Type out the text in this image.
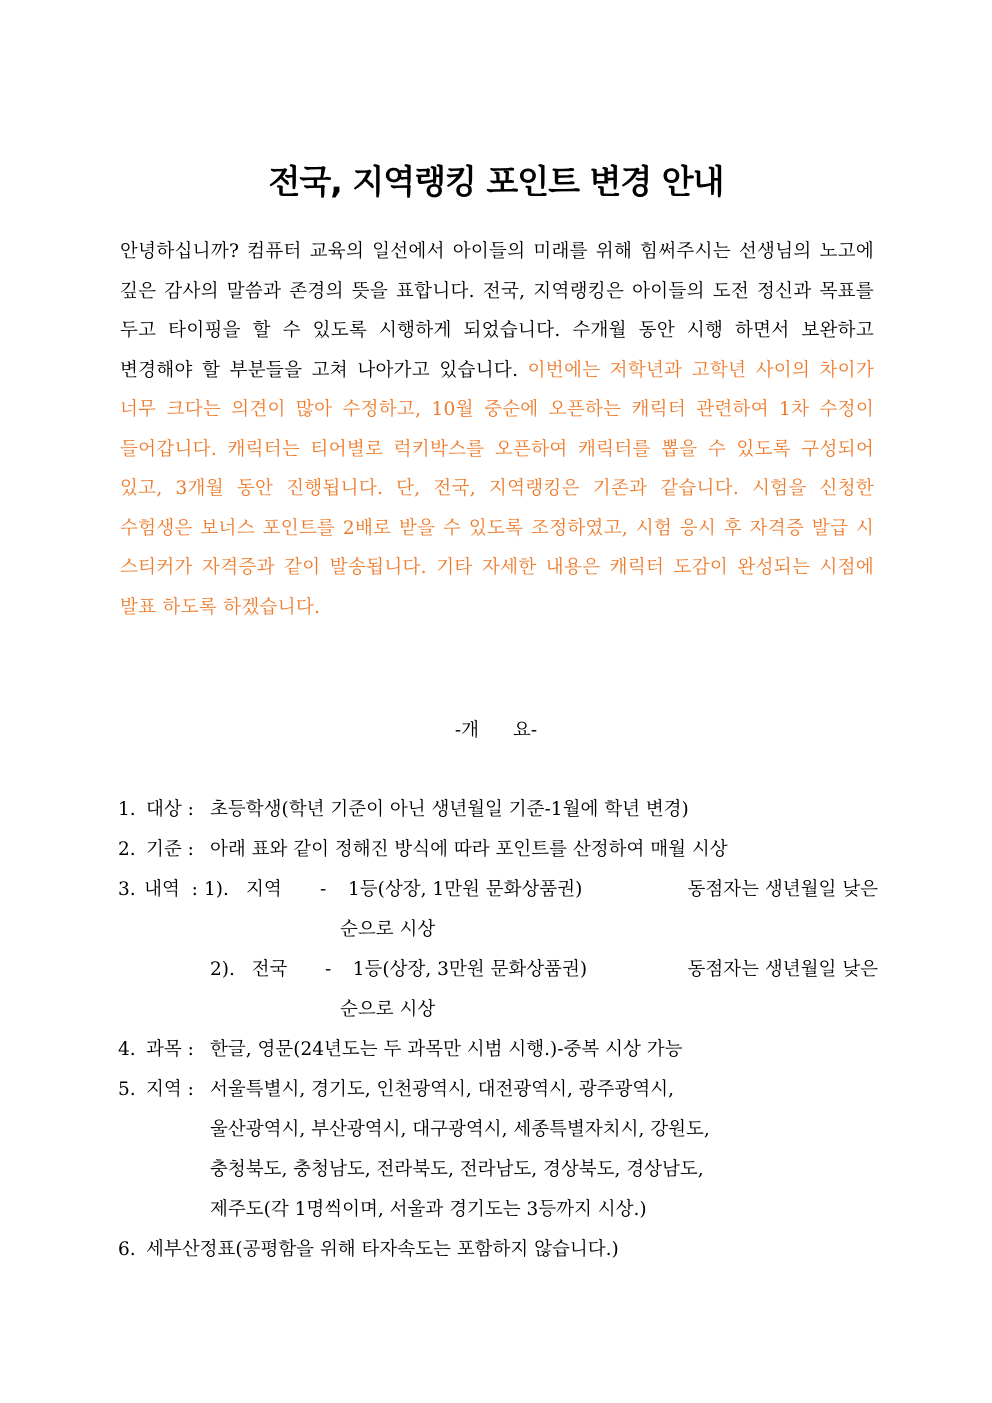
전국, 지역랭킹 포인트 변경 안내
안녕하십니까? 컴퓨터 교육의 일선에서 아이들의 미래를 위해 힘써주시는 선생님의 노고에 깊은 감사의 말씀과 존경의 뜻을 표합니다. 전국, 지역랭킹은 아이들의 도전 정신과 목표를 두고 타이핑을 할 수 있도록 시행하게 되었습니다. 수개월 동안 시행 하면서 보완하고 변경해야 할 부분들을 고쳐 나아가고 있습니다. 이번에는 저학년과 고학년 사이의 차이가 너무 크다는 의견이 많아 수정하고, 10월 중순에 오픈하는 캐릭터 관련하여 1차 수정이 들어갑니다. 캐릭터는 티어별로 럭키박스를 오픈하여 캐릭터를 뽑을 수 있도록 구성되어 있고, 3개월 동안 진행됩니다. 단, 전국, 지역랭킹은 기존과 같습니다. 시험을 신청한 수험생은 보너스 포인트를 2배로 받을 수 있도록 조정하였고, 시험 응시 후 자격증 발급 시 스티커가 자격증과 같이 발송됩니다. 기타 자세한 내용은 캐릭터 도감이 완성되는 시점에 발표 하도록 하겠습니다.
-개 요-
1. 대상 : 초등학생(학년 기준이 아닌 생년월일 기준-1월에 학년 변경)
2. 기준 : 아래 표와 같이 정해진 방식에 따라 포인트를 산정하여 매월 시상
3. 내역  : 1). 지역	-	1등(상장, 1만원 문화상품권)	동점자는 생년월일 낮은
순으로 시상
2). 전국	-	1등(상장, 3만원 문화상품권)	동점자는 생년월일 낮은
순으로 시상
4. 과목 : 한글, 영문(24년도는 두 과목만 시범 시행.)-중복 시상 가능
5. 지역 : 서울특별시, 경기도, 인천광역시, 대전광역시, 광주광역시,
울산광역시, 부산광역시, 대구광역시, 세종특별자치시, 강원도,
충청북도, 충청남도, 전라북도, 전라남도, 경상북도, 경상남도,
제주도(각 1명씩이며, 서울과 경기도는 3등까지 시상.)
6. 세부산정표(공평함을 위해 타자속도는 포함하지 않습니다.)
